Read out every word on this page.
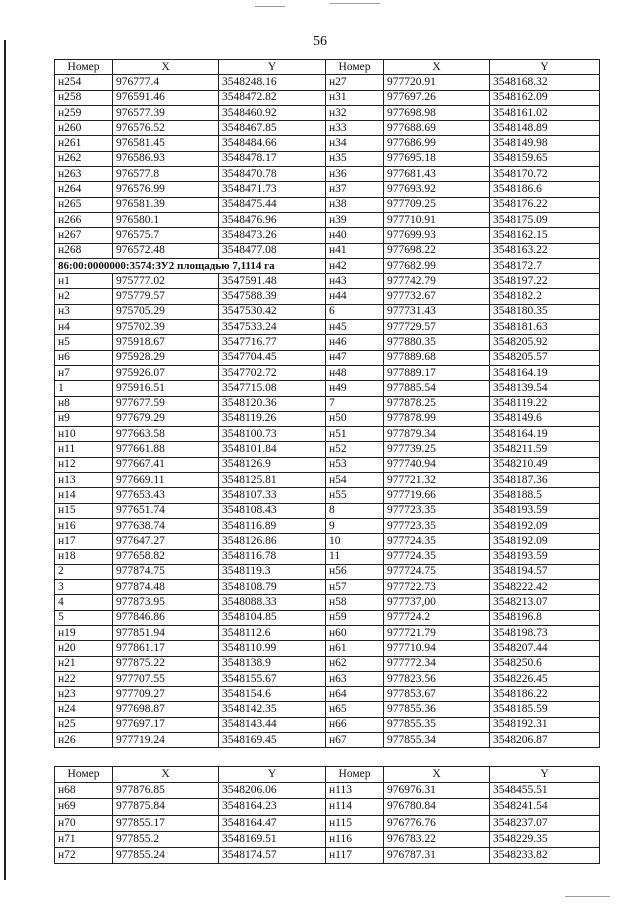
56
Номер	X	Y	Номер	X	Y
н254	976777.4	3548248.16	н27	977720.91	3548168.32
н258	976591.46	3548472.82	н31	977697.26	3548162.09
н259	976577.39	3548460.92	н32	977698.98	3548161.02
н260	976576.52	3548467.85	н33	977688.69	3548148.89
н261	976581.45	3548484.66	н34	977686.99	3548149.98
н262	976586.93	3548478.17	н35	977695.18	3548159.65
н263	976577.8	3548470.78	н36	977681.43	3548170.72
н264	976576.99	3548471.73	н37	977693.92	3548186.6
н265	976581.39	3548475.44	н38	977709.25	3548176.22
н266	976580.1	3548476.96	н39	977710.91	3548175.09
н267	976575.7	3548473.26	н40	977699.93	3548162.15
н268	976572.48	3548477.08	н41	977698.22	3548163.22
86:00:0000000:3574:ЗУ2 площадью 7,1114 га			н42	977682.99	3548172.7
н1	975777.02	3547591.48	н43	977742.79	3548197.22
н2	975779.57	3547588.39	н44	977732.67	3548182.2
н3	975705.29	3547530.42	6	977731.43	3548180.35
н4	975702.39	3547533.24	н45	977729.57	3548181.63
н5	975918.67	3547716.77	н46	977880.35	3548205.92
н6	975928.29	3547704.45	н47	977889.68	3548205.57
н7	975926.07	3547702.72	н48	977889.17	3548164.19
1	975916.51	3547715.08	н49	977885.54	3548139.54
н8	977677.59	3548120.36	7	977878.25	3548119.22
н9	977679.29	3548119.26	н50	977878.99	3548149.6
н10	977663.58	3548100.73	н51	977879.34	3548164.19
н11	977661.88	3548101.84	н52	977739.25	3548211.59
н12	977667.41	3548126.9	н53	977740.94	3548210.49
н13	977669.11	3548125.81	н54	977721.32	3548187.36
н14	977653.43	3548107.33	н55	977719.66	3548188.5
н15	977651.74	3548108.43	8	977723.35	3548193.59
н16	977638.74	3548116.89	9	977723.35	3548192.09
н17	977647.27	3548126.86	10	977724.35	3548192.09
н18	977658.82	3548116.78	11	977724.35	3548193.59
2	977874.75	3548119.3	н56	977724.75	3548194.57
3	977874.48	3548108.79	н57	977722.73	3548222.42
4	977873.95	3548088.33	н58	977737,00	3548213.07
5	977846.86	3548104.85	н59	977724.2	3548196.8
н19	977851.94	3548112.6	н60	977721.79	3548198.73
н20	977861.17	3548110.99	н61	977710.94	3548207.44
н21	977875.22	3548138.9	н62	977772.34	3548250.6
н22	977707.55	3548155.67	н63	977823.56	3548226.45
н23	977709.27	3548154.6	н64	977853.67	3548186.22
н24	977698.87	3548142.35	н65	977855.36	3548185.59
н25	977697.17	3548143.44	н66	977855.35	3548192.31
н26	977719.24	3548169.45	н67	977855.34	3548206.87
Номер	X	Y	Номер	X	Y
н68	977876.85	3548206.06	н113	976976.31	3548455.51
н69	977875.84	3548164.23	н114	976780.84	3548241.54
н70	977855.17	3548164.47	н115	976776.76	3548237.07
н71	977855.2	3548169.51	н116	976783.22	3548229.35
н72	977855.24	3548174.57	н117	976787.31	3548233.82
